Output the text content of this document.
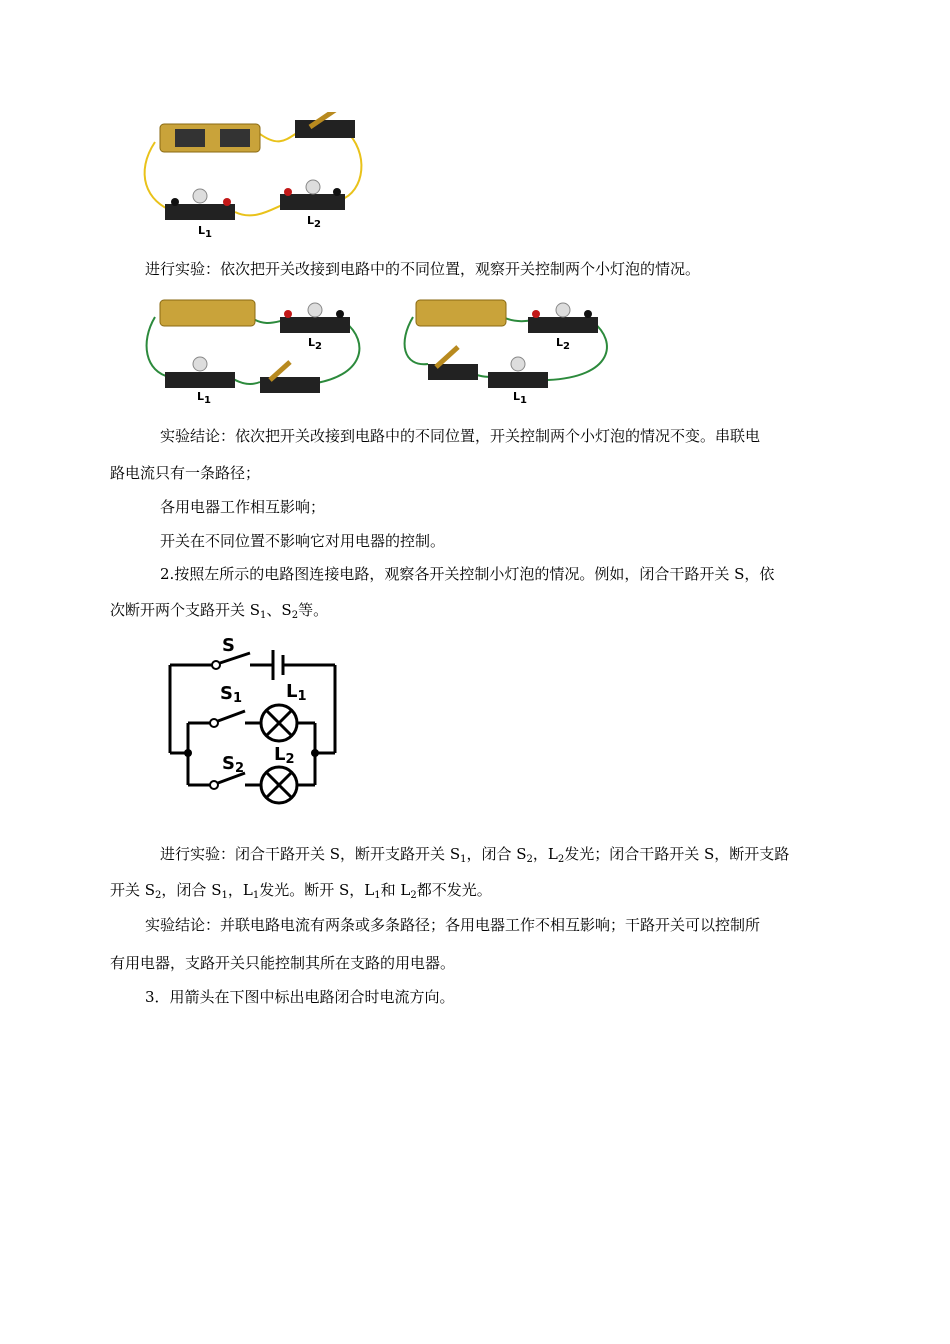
$L_1$
$L_2$
进行实验：依次把开关改接到电路中的不同位置，观察开关控制两个小灯泡的情况。
$L_1$
$L_2$
$L_1$
$L_2$
实验结论：依次把开关改接到电路中的不同位置，开关控制两个小灯泡的情况不变。串联电
路电流只有一条路径；
各用电器工作相互影响；
开关在不同位置不影响它对用电器的控制。
2.按照左所示的电路图连接电路，观察各开关控制小灯泡的情况。例如，闭合干路开关 S，依
次断开两个支路开关 $S_1$、$S_2$等。
S
$S_1$ $L_1$
$S_2$
$L_2$
进行实验：闭合干路开关 S，断开支路开关 $S_1$，闭合 $S_2$，$L_2$发光；闭合干路开关 S，断开支路
开关 $S_2$，闭合 $S_1$，$L_1$发光。断开 S，$L_1$和 $L_2$都不发光。
实验结论：并联电路电流有两条或多条路径；各用电器工作不相互影响；干路开关可以控制所
有用电器，支路开关只能控制其所在支路的用电器。
3．用箭头在下图中标出电路闭合时电流方向。
